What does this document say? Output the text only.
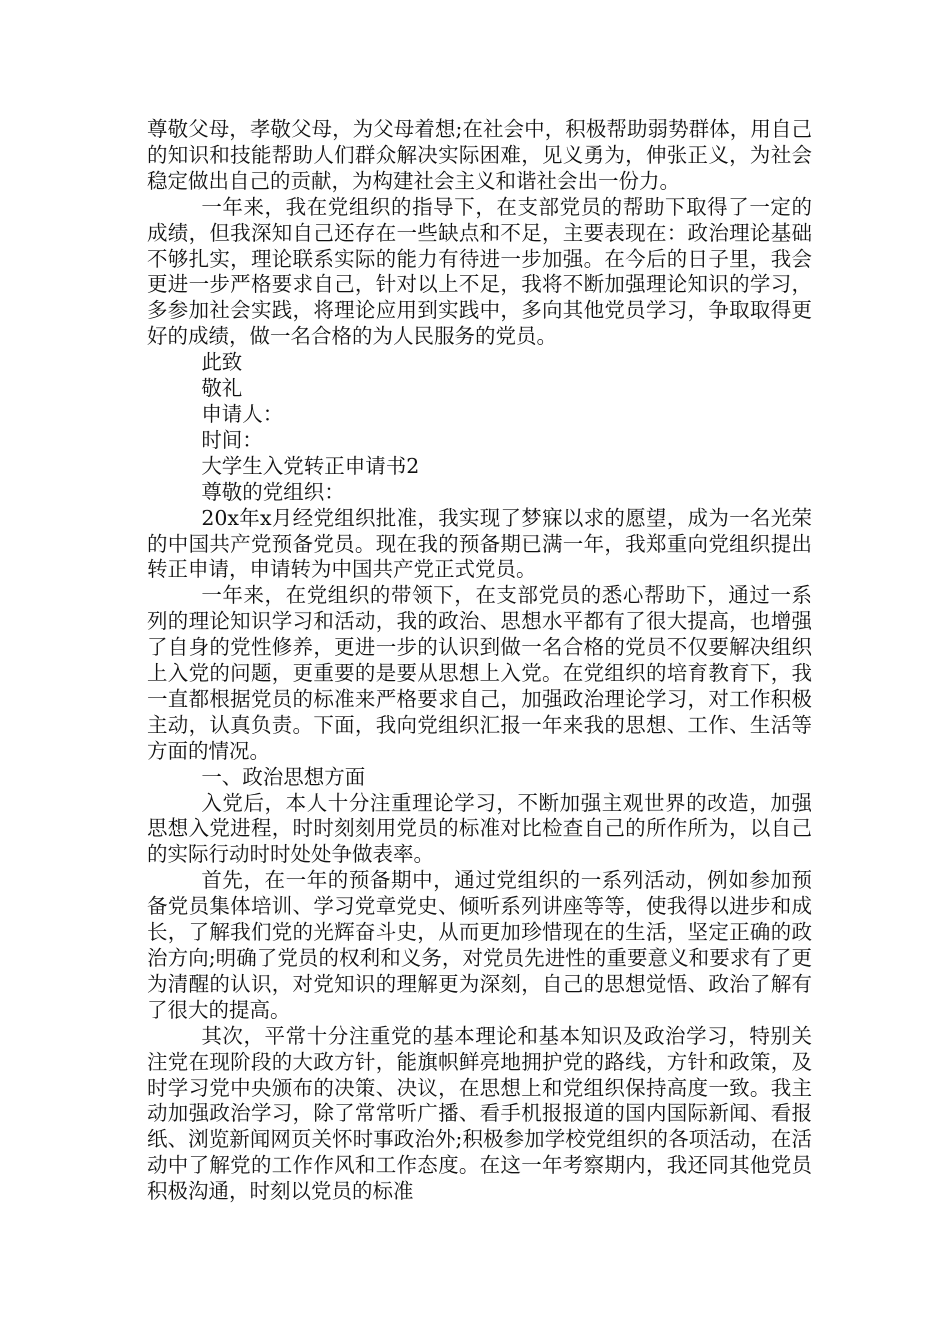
尊敬父母，孝敬父母，为父母着想;在社会中，积极帮助弱势群体，用自己的知识和技能帮助人们群众解决实际困难，见义勇为，伸张正义，为社会稳定做出自己的贡献，为构建社会主义和谐社会出一份力。

一年来，我在党组织的指导下，在支部党员的帮助下取得了一定的成绩，但我深知自己还存在一些缺点和不足，主要表现在：政治理论基础不够扎实，理论联系实际的能力有待进一步加强。在今后的日子里，我会更进一步严格要求自己，针对以上不足，我将不断加强理论知识的学习，多参加社会实践，将理论应用到实践中，多向其他党员学习，争取取得更好的成绩，做一名合格的为人民服务的党员。

此致

敬礼

申请人：

时间：

大学生入党转正申请书2

尊敬的党组织：

20x年x月经党组织批准，我实现了梦寐以求的愿望，成为一名光荣的中国共产党预备党员。现在我的预备期已满一年，我郑重向党组织提出转正申请，申请转为中国共产党正式党员。

一年来，在党组织的带领下，在支部党员的悉心帮助下，通过一系列的理论知识学习和活动，我的政治、思想水平都有了很大提高，也增强了自身的党性修养，更进一步的认识到做一名合格的党员不仅要解决组织上入党的问题，更重要的是要从思想上入党。在党组织的培育教育下，我一直都根据党员的标准来严格要求自己，加强政治理论学习，对工作积极主动，认真负责。下面，我向党组织汇报一年来我的思想、工作、生活等方面的情况。

一、政治思想方面

入党后，本人十分注重理论学习，不断加强主观世界的改造，加强思想入党进程，时时刻刻用党员的标准对比检查自己的所作所为，以自己的实际行动时时处处争做表率。

首先，在一年的预备期中，通过党组织的一系列活动，例如参加预备党员集体培训、学习党章党史、倾听系列讲座等等，使我得以进步和成长，了解我们党的光辉奋斗史，从而更加珍惜现在的生活，坚定正确的政治方向;明确了党员的权利和义务，对党员先进性的重要意义和要求有了更为清醒的认识，对党知识的理解更为深刻，自己的思想觉悟、政治了解有了很大的提高。

其次，平常十分注重党的基本理论和基本知识及政治学习，特别关注党在现阶段的大政方针，能旗帜鲜亮地拥护党的路线，方针和政策，及时学习党中央颁布的决策、决议，在思想上和党组织保持高度一致。我主动加强政治学习，除了常常听广播、看手机报报道的国内国际新闻、看报纸、浏览新闻网页关怀时事政治外;积极参加学校党组织的各项活动，在活动中了解党的工作作风和工作态度。在这一年考察期内，我还同其他党员积极沟通，时刻以党员的标准
